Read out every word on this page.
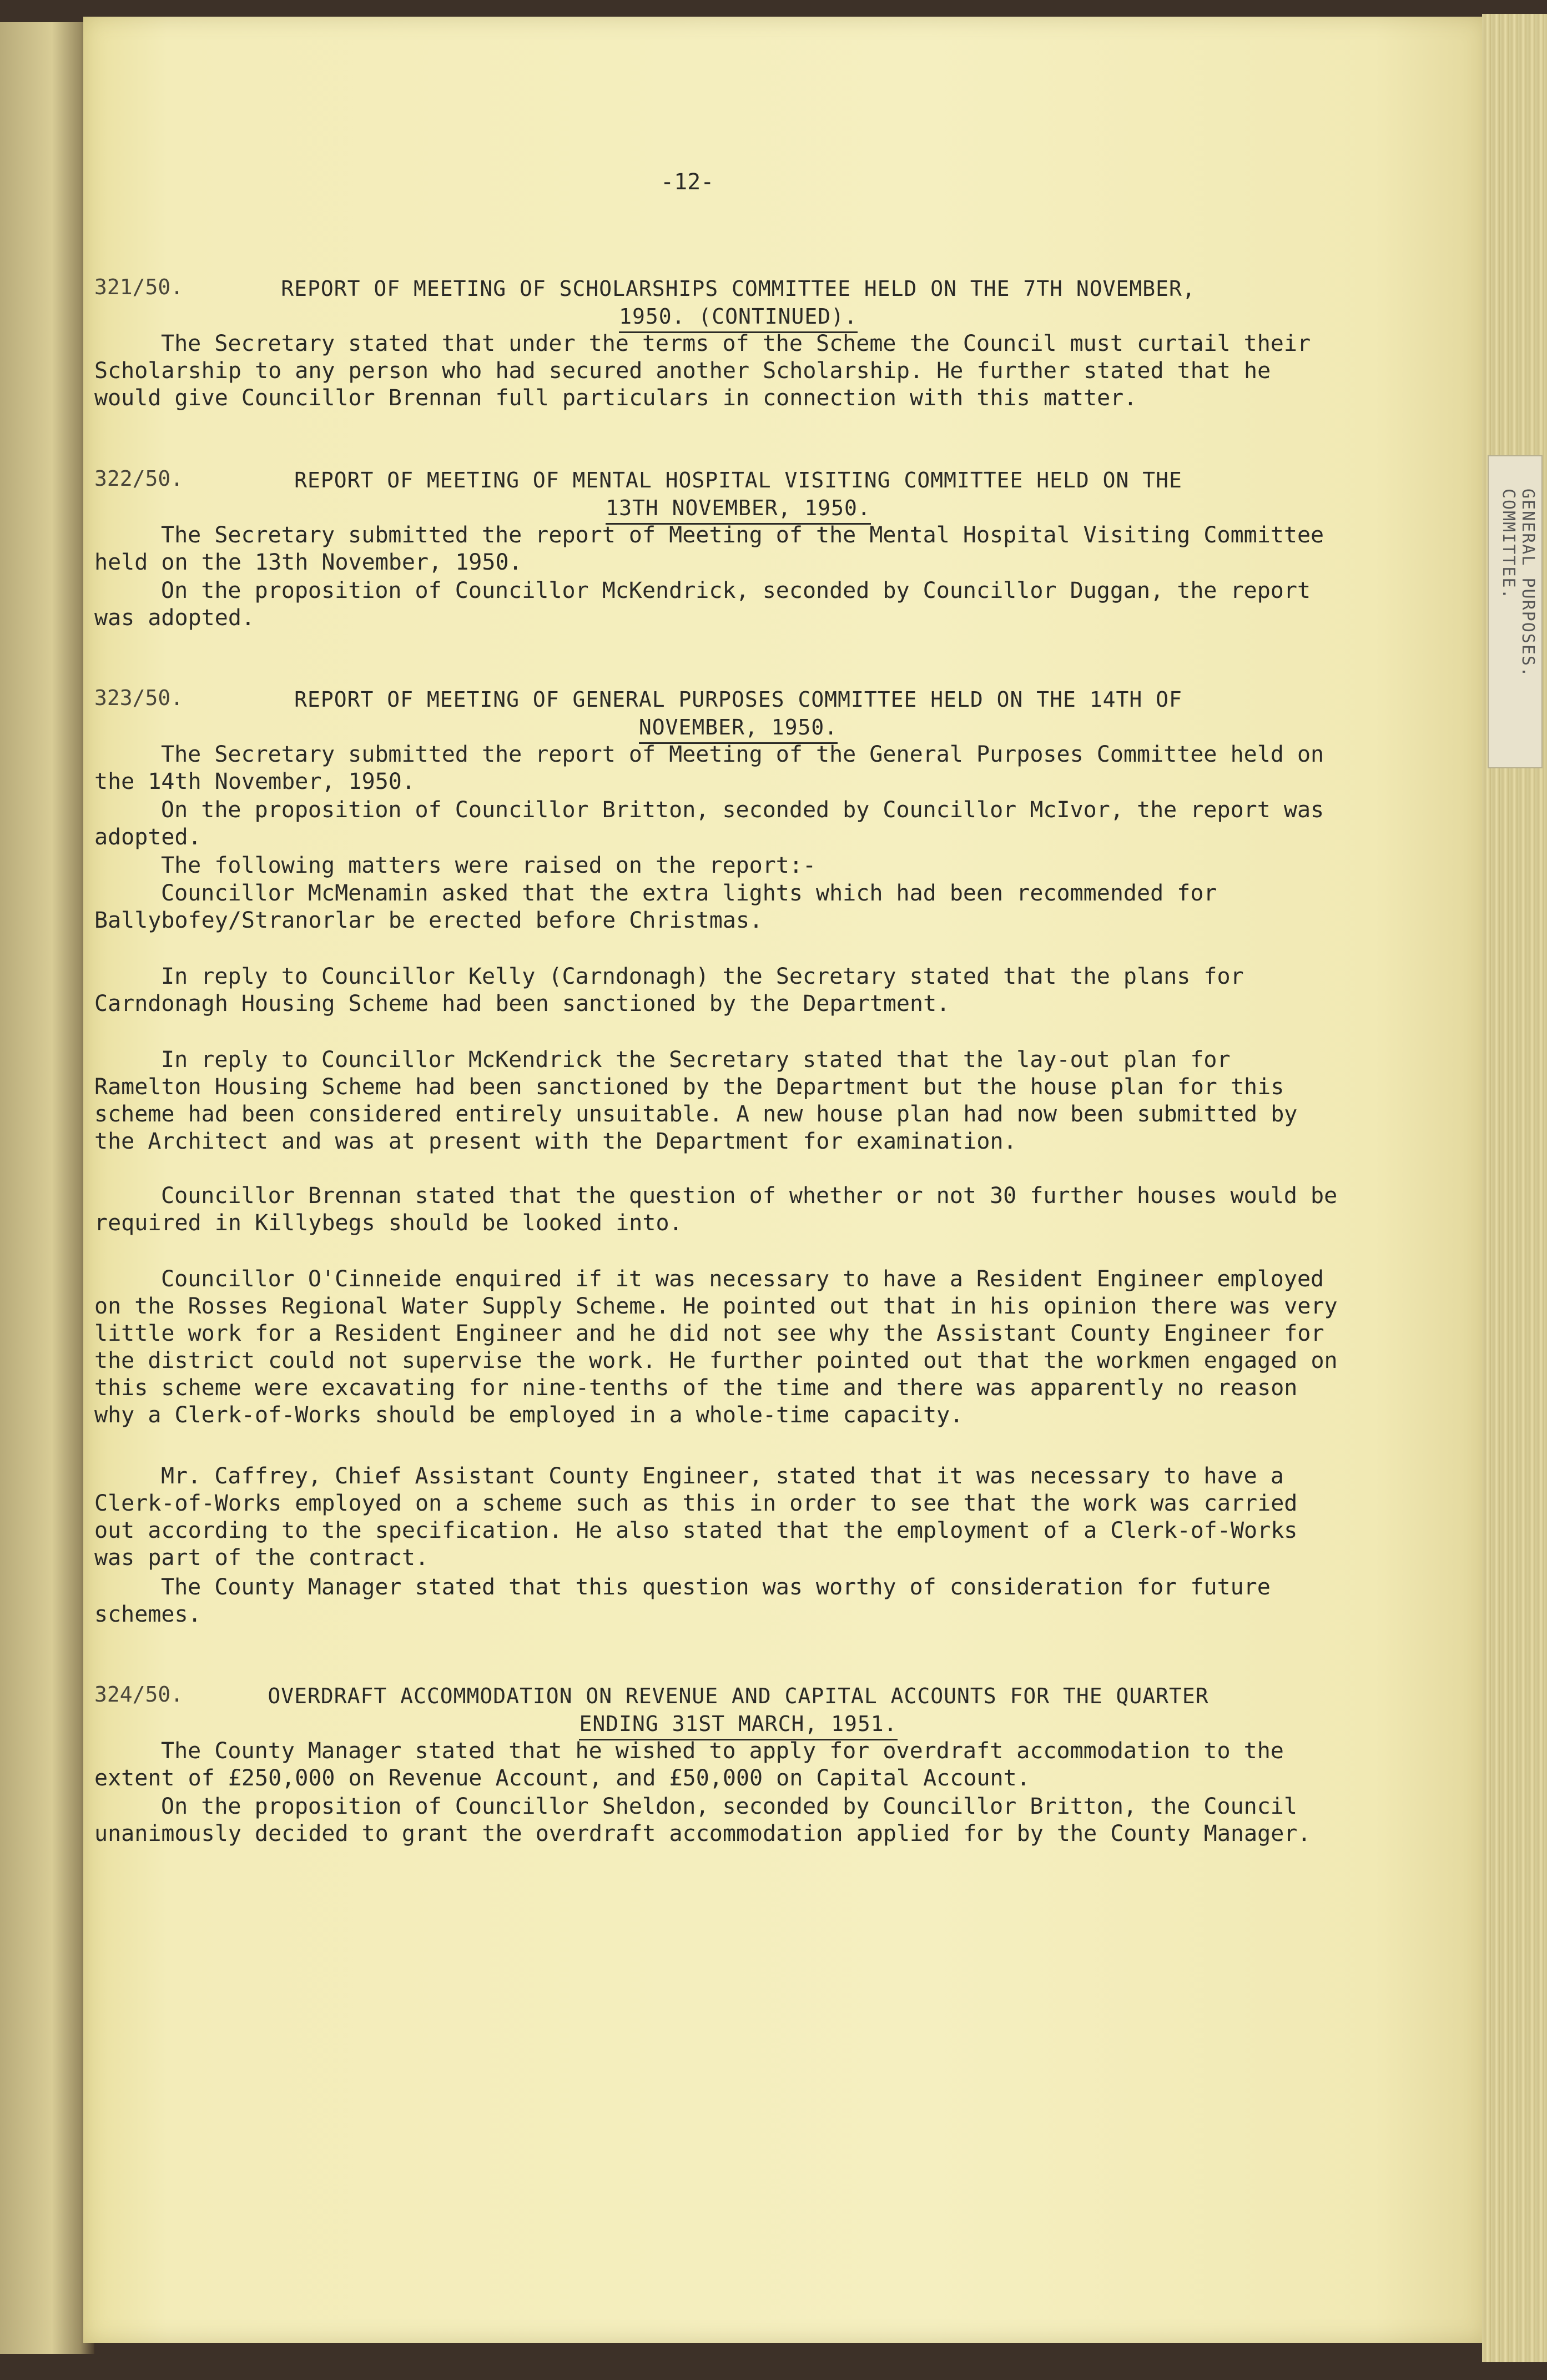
GENERAL PURPOSES.
COMMITTEE.
-12-
321/50.	REPORT OF MEETING OF SCHOLARSHIPS COMMITTEE HELD ON THE 7TH NOVEMBER,
1950. (CONTINUED).
The Secretary stated that under the terms of the Scheme the Council must curtail their Scholarship to any person who had secured another Scholarship. He further stated that he would give Councillor Brennan full particulars in connection with this matter.
322/50.	REPORT OF MEETING OF MENTAL HOSPITAL VISITING COMMITTEE HELD ON THE
13TH NOVEMBER, 1950.
The Secretary submitted the report of Meeting of the Mental Hospital Visiting Committee held on the 13th November, 1950.
On the proposition of Councillor McKendrick, seconded by Councillor Duggan, the report was adopted.
323/50.	REPORT OF MEETING OF GENERAL PURPOSES COMMITTEE HELD ON THE 14TH OF
NOVEMBER, 1950.
The Secretary submitted the report of Meeting of the General Purposes Committee held on the 14th November, 1950.
On the proposition of Councillor Britton, seconded by Councillor McIvor, the report was adopted.
The following matters were raised on the report:-
Councillor McMenamin asked that the extra lights which had been recommended for Ballybofey/Stranorlar be erected before Christmas.
In reply to Councillor Kelly (Carndonagh) the Secretary stated that the plans for Carndonagh Housing Scheme had been sanctioned by the Department.
In reply to Councillor McKendrick the Secretary stated that the lay-out plan for Ramelton Housing Scheme had been sanctioned by the Department but the house plan for this scheme had been considered entirely unsuitable. A new house plan had now been submitted by the Architect and was at present with the Department for examination.
Councillor Brennan stated that the question of whether or not 30 further houses would be required in Killybegs should be looked into.
Councillor O'Cinneide enquired if it was necessary to have a Resident Engineer employed on the Rosses Regional Water Supply Scheme. He pointed out that in his opinion there was very little work for a Resident Engineer and he did not see why the Assistant County Engineer for the district could not supervise the work. He further pointed out that the workmen engaged on this scheme were excavating for nine-tenths of the time and there was apparently no reason why a Clerk-of-Works should be employed in a whole-time capacity.
Mr. Caffrey, Chief Assistant County Engineer, stated that it was necessary to have a Clerk-of-Works employed on a scheme such as this in order to see that the work was carried out according to the specification. He also stated that the employment of a Clerk-of-Works was part of the contract.
The County Manager stated that this question was worthy of consideration for future schemes.
324/50.	OVERDRAFT ACCOMMODATION ON REVENUE AND CAPITAL ACCOUNTS FOR THE QUARTER
ENDING 31ST MARCH, 1951.
The County Manager stated that he wished to apply for overdraft accommodation to the extent of £250,000 on Revenue Account, and £50,000 on Capital Account.
On the proposition of Councillor Sheldon, seconded by Councillor Britton, the Council unanimously decided to grant the overdraft accommodation applied for by the County Manager.
